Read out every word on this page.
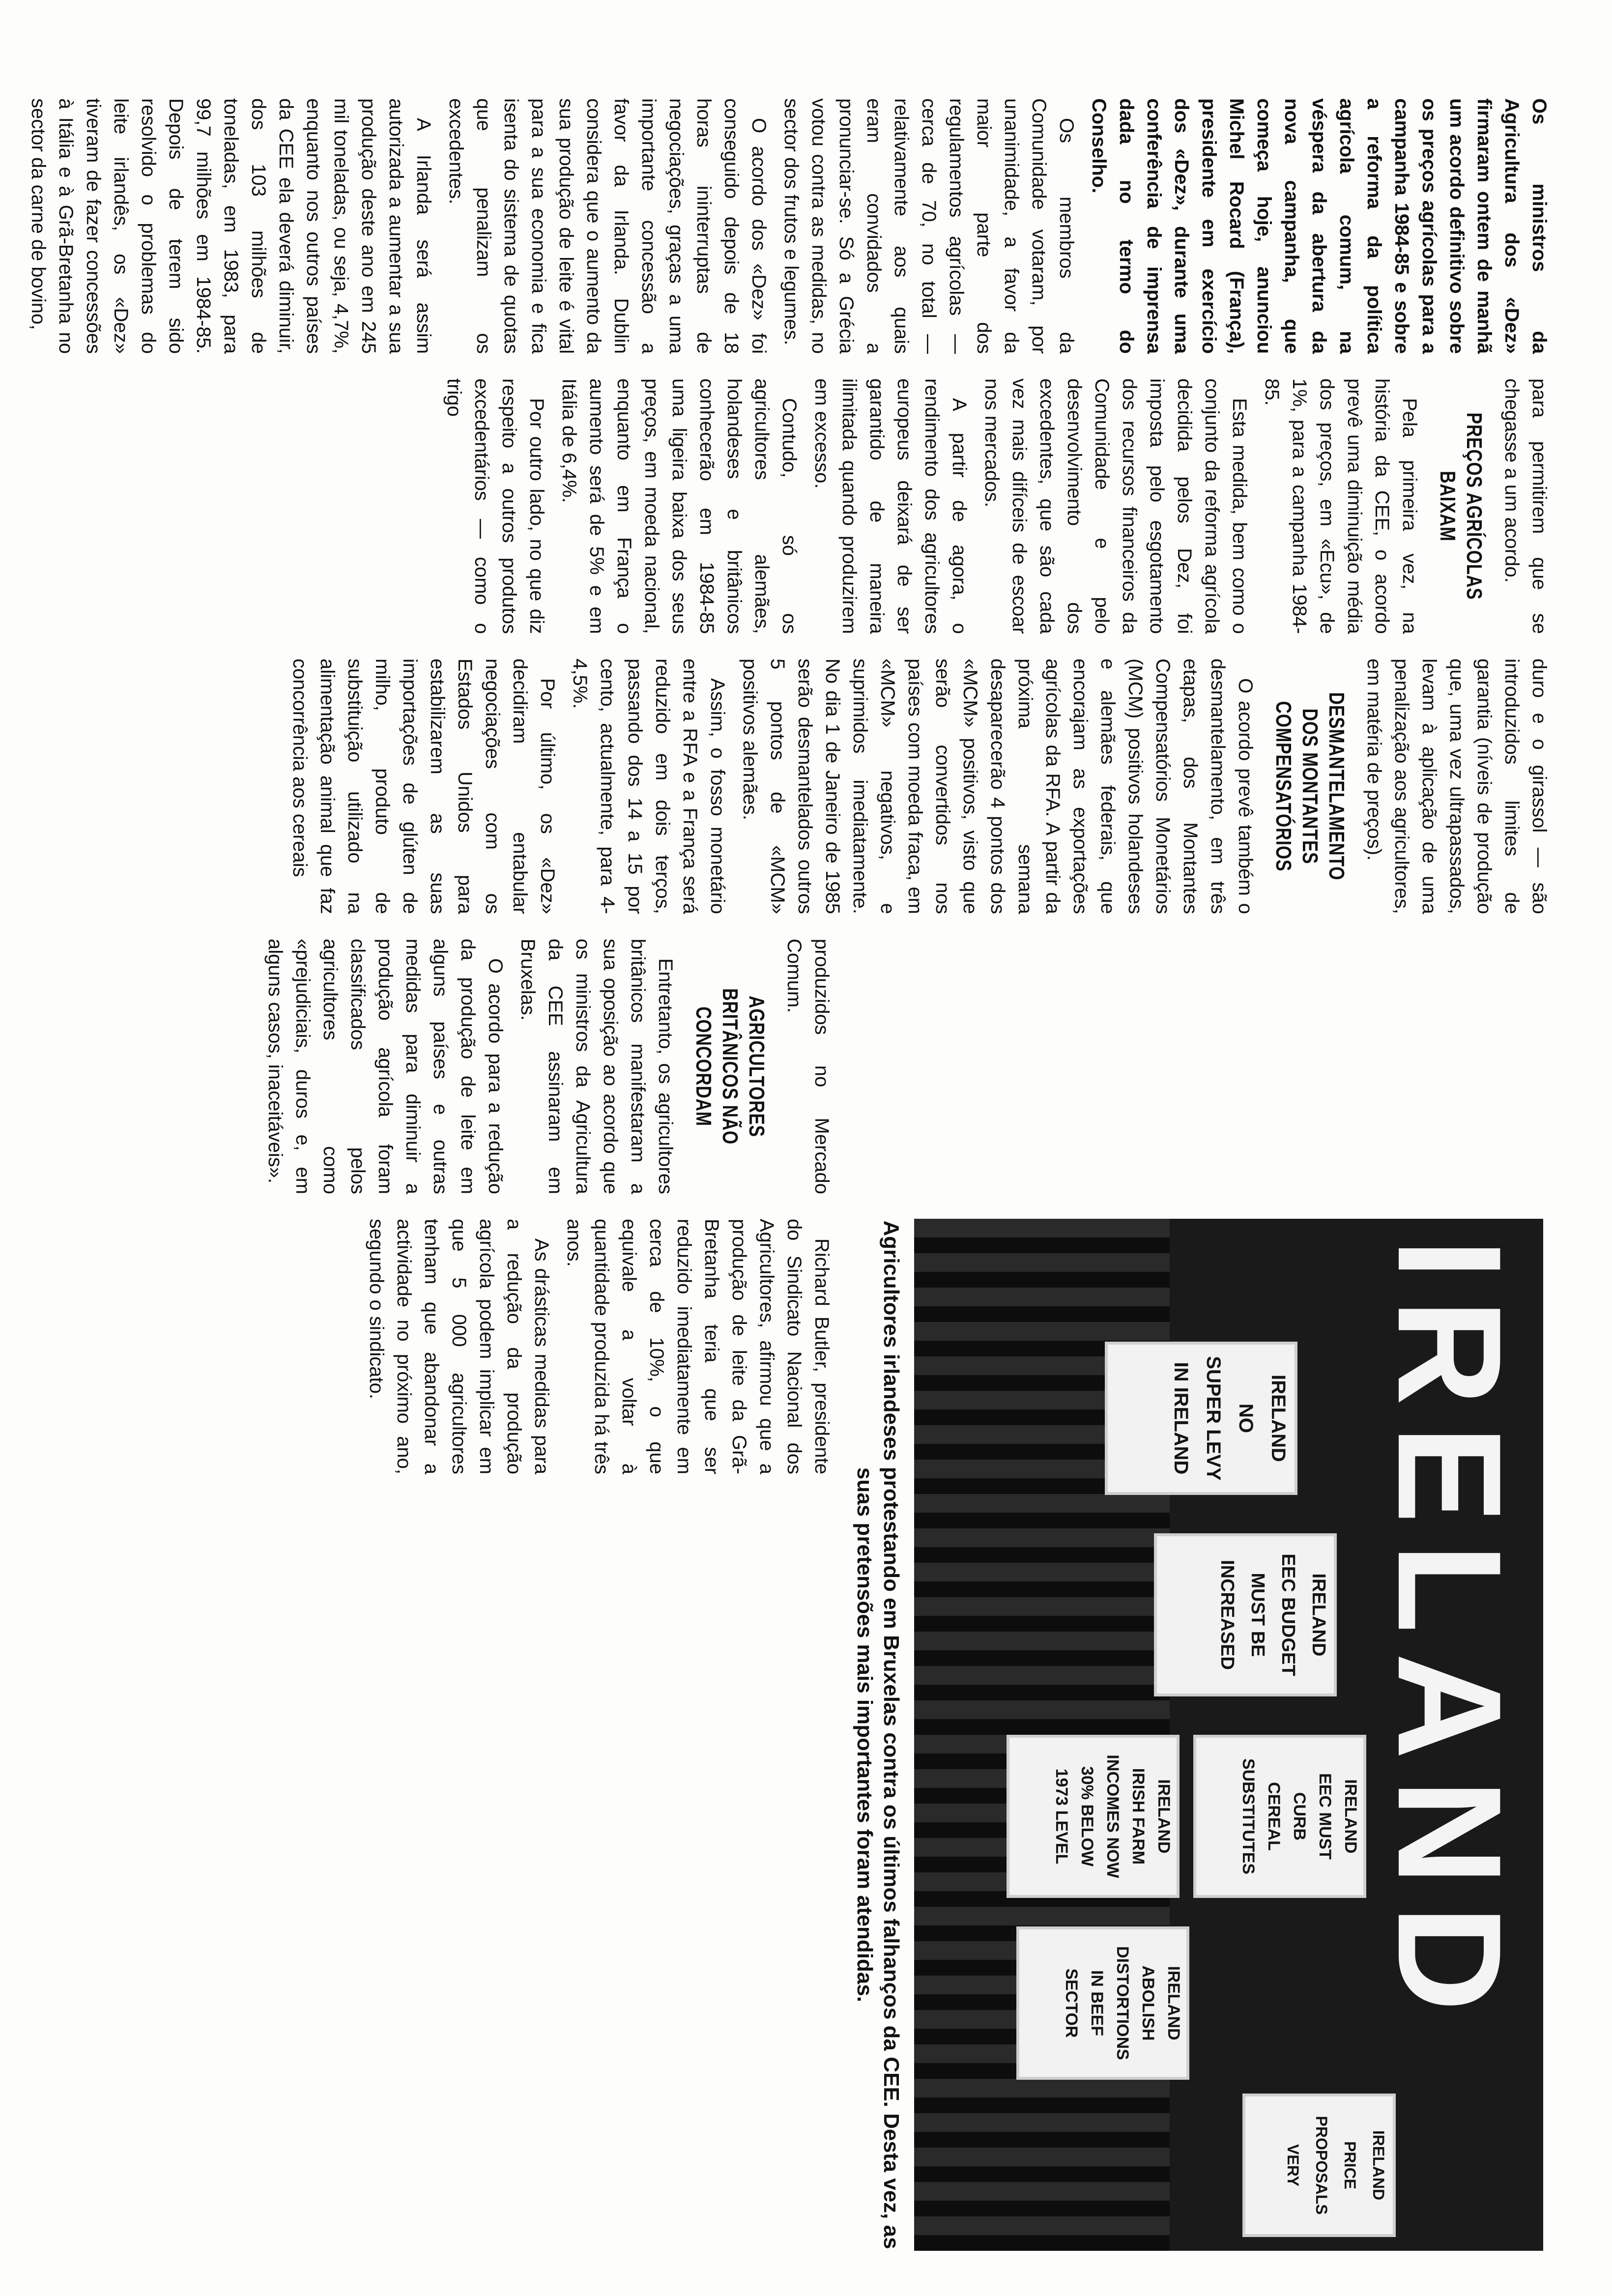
Os ministros da Agricultura dos «Dez» firmaram ontem de manhã um acordo definitivo sobre os preços agrícolas para a campanha 1984-85 e sobre a reforma da política agrícola comum, na véspera da abertura da nova campanha, que começa hoje, anunciou Michel Rocard (França), presidente em exercício dos «Dez», durante uma conferência de imprensa dada no termo do Conselho.

Os membros da Comunidade votaram, por unanimidade, a favor da maior parte dos regulamentos agrícolas — cerca de 70, no total — relativamente aos quais eram convidados a pronunciar-se. Só a Grécia votou contra as medidas, no sector dos frutos e legumes.

O acordo dos «Dez» foi conseguido depois de 18 horas ininterruptas de negociações, graças a uma importante concessão a favor da Irlanda. Dublin considera que o aumento da sua produção de leite é vital para a sua economia e fica isenta do sistema de quotas que penalizam os excedentes.

A Irlanda será assim autorizada a aumentar a sua produção deste ano em 245 mil toneladas, ou seja, 4,7%, enquanto nos outros países da CEE ela deverá diminuir, dos 103 milhões de toneladas, em 1983, para 99,7 milhões em 1984-85. Depois de terem sido resolvido o problemas do leite irlandês, os «Dez» tiveram de fazer concessões à Itália e à Grã-Bretanha no sector da carne de bovino,

para permitirem que se chegasse a um acordo.

PREÇOS AGRÍCOLAS BAIXAM

Pela primeira vez, na história da CEE, o acordo prevê uma diminuição média dos preços, em «Ecu», de 1%, para a campanha 1984-85.

Esta medida, bem como o conjunto da reforma agrícola decidida pelos Dez, foi imposta pelo esgotamento dos recursos financeiros da Comunidade e pelo desenvolvimento dos excedentes, que são cada vez mais difíceis de escoar nos mercados.

A partir de agora, o rendimento dos agricultores europeus deixará de ser garantido de maneira ilimitada quando produzirem em excesso.

Contudo, só os agricultores alemães, holandeses e britânicos conhecerão em 1984-85 uma ligeira baixa dos seus preços, em moeda nacional, enquanto em França o aumento será de 5% e em Itália de 6,4%.

Por outro lado, no que diz respeito a outros produtos excedentários — como o trigo

duro e o girassol — são introduzidos limites de garantia (níveis de produção que, uma vez ultrapassados, levam à aplicação de uma penalização aos agricultores, em matéria de preços).

DESMANTELAMENTO DOS MONTANTES COMPENSATÓRIOS

O acordo prevê também o desmantelamento, em três etapas, dos Montantes Compensatórios Monetários (MCM) positivos holandeses e alemães federais, que encorajam as exportações agrícolas da RFA. A partir da próxima semana desaparecerão 4 pontos dos «MCM» positivos, visto que serão convertidos nos países com moeda fraca, em «MCM» negativos, e suprimidos imediatamente. No dia 1 de Janeiro de 1985 serão desmantelados outros 5 pontos de «MCM» positivos alemães.

Assim, o fosso monetário entre a RFA e a França será reduzido em dois terços, passando dos 14 a 15 por cento, actualmente, para 4-4,5%.

Por último, os «Dez» decidiram entabular negociações com os Estados Unidos para estabilizarem as suas importações de glúten de milho, produto de substituição utilizado na alimentação animal que faz concorrência aos cereais

produzidos no Mercado Comum.

AGRICULTORES BRITÂNICOS NÃO CONCORDAM

Entretanto, os agricultores britânicos manifestaram a sua oposição ao acordo que os ministros da Agricultura da CEE assinaram em Bruxelas.

O acordo para a redução da produção de leite em alguns países e outras medidas para diminuir a produção agrícola foram classificados pelos agricultores como «prejudiciais, duros e, em alguns casos, inaceitáveis».

Richard Butler, presidente do Sindicato Nacional dos Agricultores, afirmou que a produção de leite da Grã-Bretanha teria que ser reduzido imediatamente em cerca de 10%, o que equivale a voltar à quantidade produzida há três anos.

As drásticas medidas para a redução da produção agrícola podem implicar em que 5 000 agricultores tenham que abandonar a actividade no próximo ano, segundo o sindicato.	IRELAND
IRELAND
NO
SUPER LEVY
IN IRELAND
IRELAND
EEC BUDGET
MUST BE
INCREASED
IRELAND
EEC MUST
CURB
CEREAL
SUBSTITUTES
IRELAND
IRISH FARM
INCOMES NOW
30% BELOW
1973 LEVEL
IRELAND
ABOLISH
DISTORTIONS
IN BEEF
SECTOR
IRELAND
PRICE
PROPOSALS
VERY
Agricultores irlandeses protestando em Bruxelas contra os últimos falhanços da CEE. Desta vez, as suas pretensões mais importantes foram atendidas.
